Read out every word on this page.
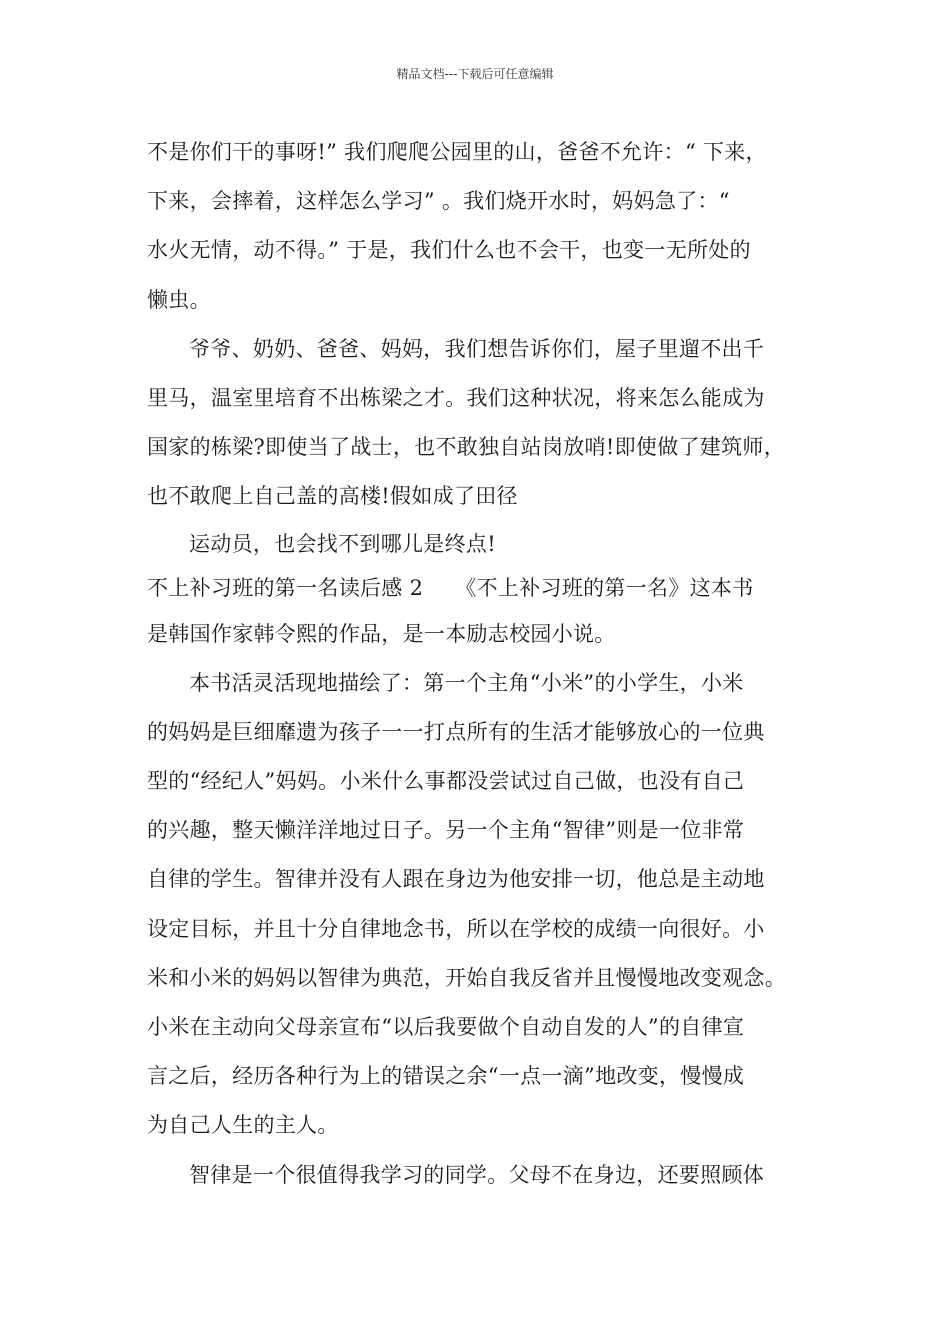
精品文档---下载后可任意编辑
不是你们干的事呀!” 我们爬爬公园里的山，爸爸不允许：“ 下来，
下来，会摔着，这样怎么学习” 。我们烧开水时，妈妈急了：“
水火无情，动不得。” 于是，我们什么也不会干，也变一无所处的
懒虫。
爷爷、奶奶、爸爸、妈妈，我们想告诉你们，屋子里遛不出千
里马，温室里培育不出栋梁之才。我们这种状况，将来怎么能成为
国家的栋梁?即使当了战士，也不敢独自站岗放哨!即使做了建筑师，
也不敢爬上自己盖的高楼!假如成了田径
运动员，也会找不到哪儿是终点!
不上补习班的第一名读后感 2　　《不上补习班的第一名》这本书
是韩国作家韩令熙的作品，是一本励志校园小说。
本书活灵活现地描绘了：第一个主角“小米”的小学生，小米
的妈妈是巨细靡遗为孩子一一打点所有的生活才能够放心的一位典
型的“经纪人”妈妈。小米什么事都没尝试过自己做，也没有自己
的兴趣，整天懒洋洋地过日子。另一个主角“智律”则是一位非常
自律的学生。智律并没有人跟在身边为他安排一切，他总是主动地
设定目标，并且十分自律地念书，所以在学校的成绩一向很好。小
米和小米的妈妈以智律为典范，开始自我反省并且慢慢地改变观念。
小米在主动向父母亲宣布“以后我要做个自动自发的人”的自律宣
言之后，经历各种行为上的错误之余“一点一滴”地改变，慢慢成
为自己人生的主人。
智律是一个很值得我学习的同学。父母不在身边，还要照顾体
